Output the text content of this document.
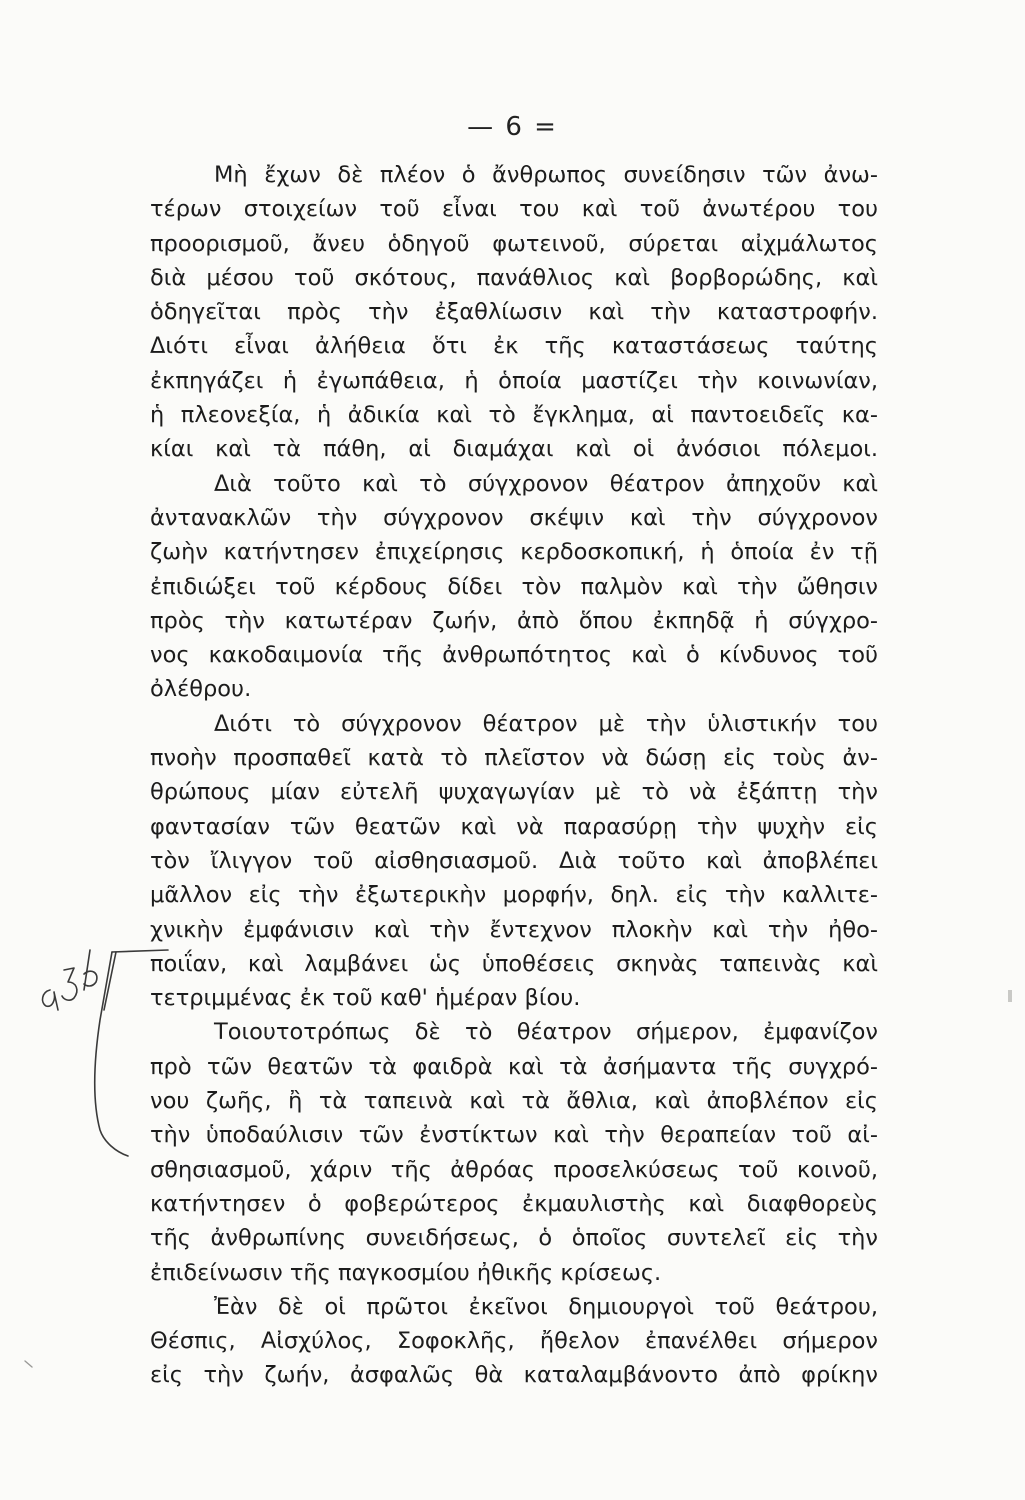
— 6 =
Μὴ ἔχων δὲ πλέον ὁ ἄνθρωπος συνείδησιν τῶν ἀνω-
τέρων στοιχείων τοῦ εἶναι του καὶ τοῦ ἀνωτέρου του
προορισμοῦ, ἄνευ ὁδηγοῦ φωτεινοῦ, σύρεται αἰχμάλωτος
διὰ μέσου τοῦ σκότους, πανάθλιος καὶ βορβορώδης, καὶ
ὁδηγεῖται πρὸς τὴν ἐξαθλίωσιν καὶ τὴν καταστροφήν.
Διότι εἶναι ἀλήθεια ὅτι ἐκ τῆς καταστάσεως ταύτης
ἐκπηγάζει ἡ ἐγωπάθεια, ἡ ὁποία μαστίζει τὴν κοινωνίαν,
ἡ πλεονεξία, ἡ ἀδικία καὶ τὸ ἔγκλημα, αἱ παντοειδεῖς κα-
κίαι καὶ τὰ πάθη, αἱ διαμάχαι καὶ οἱ ἀνόσιοι πόλεμοι.
Διὰ τοῦτο καὶ τὸ σύγχρονον θέατρον ἀπηχοῦν καὶ
ἀντανακλῶν τὴν σύγχρονον σκέψιν καὶ τὴν σύγχρονον
ζωὴν κατήντησεν ἐπιχείρησις κερδοσκοπική, ἡ ὁποία ἐν τῇ
ἐπιδιώξει τοῦ κέρδους δίδει τὸν παλμὸν καὶ τὴν ὤθησιν
πρὸς τὴν κατωτέραν ζωήν, ἀπὸ ὅπου ἐκπηδᾷ ἡ σύγχρο-
νος κακοδαιμονία τῆς ἀνθρωπότητος καὶ ὁ κίνδυνος τοῦ
ὀλέθρου.
Διότι τὸ σύγχρονον θέατρον μὲ τὴν ὑλιστικήν του
πνοὴν προσπαθεῖ κατὰ τὸ πλεῖστον νὰ δώσῃ εἰς τοὺς ἀν-
θρώπους μίαν εὐτελῆ ψυχαγωγίαν μὲ τὸ νὰ ἐξάπτῃ τὴν
φαντασίαν τῶν θεατῶν καὶ νὰ παρασύρῃ τὴν ψυχὴν εἰς
τὸν ἴλιγγον τοῦ αἰσθησιασμοῦ. Διὰ τοῦτο καὶ ἀποβλέπει
μᾶλλον εἰς τὴν ἐξωτερικὴν μορφήν, δηλ. εἰς τὴν καλλιτε-
χνικὴν ἐμφάνισιν καὶ τὴν ἔντεχνον πλοκὴν καὶ τὴν ἠθο-
ποιΐαν, καὶ λαμβάνει ὡς ὑποθέσεις σκηνὰς ταπεινὰς καὶ
τετριμμένας ἐκ τοῦ καθ' ἡμέραν βίου.
Τοιουτοτρόπως δὲ τὸ θέατρον σήμερον, ἐμφανίζον
πρὸ τῶν θεατῶν τὰ φαιδρὰ καὶ τὰ ἀσήμαντα τῆς συγχρό-
νου ζωῆς, ἢ τὰ ταπεινὰ καὶ τὰ ἄθλια, καὶ ἀποβλέπον εἰς
τὴν ὑποδαύλισιν τῶν ἐνστίκτων καὶ τὴν θεραπείαν τοῦ αἰ-
σθησιασμοῦ, χάριν τῆς ἀθρόας προσελκύσεως τοῦ κοινοῦ,
κατήντησεν ὁ φοβερώτερος ἐκμαυλιστὴς καὶ διαφθορεὺς
τῆς ἀνθρωπίνης συνειδήσεως, ὁ ὁποῖος συντελεῖ εἰς τὴν
ἐπιδείνωσιν τῆς παγκοσμίου ἠθικῆς κρίσεως.
Ἐὰν δὲ οἱ πρῶτοι ἐκεῖνοι δημιουργοὶ τοῦ θεάτρου,
Θέσπις, Αἰσχύλος, Σοφοκλῆς, ἤθελον ἐπανέλθει σήμερον
εἰς τὴν ζωήν, ἀσφαλῶς θὰ καταλαμβάνοντο ἀπὸ φρίκην
